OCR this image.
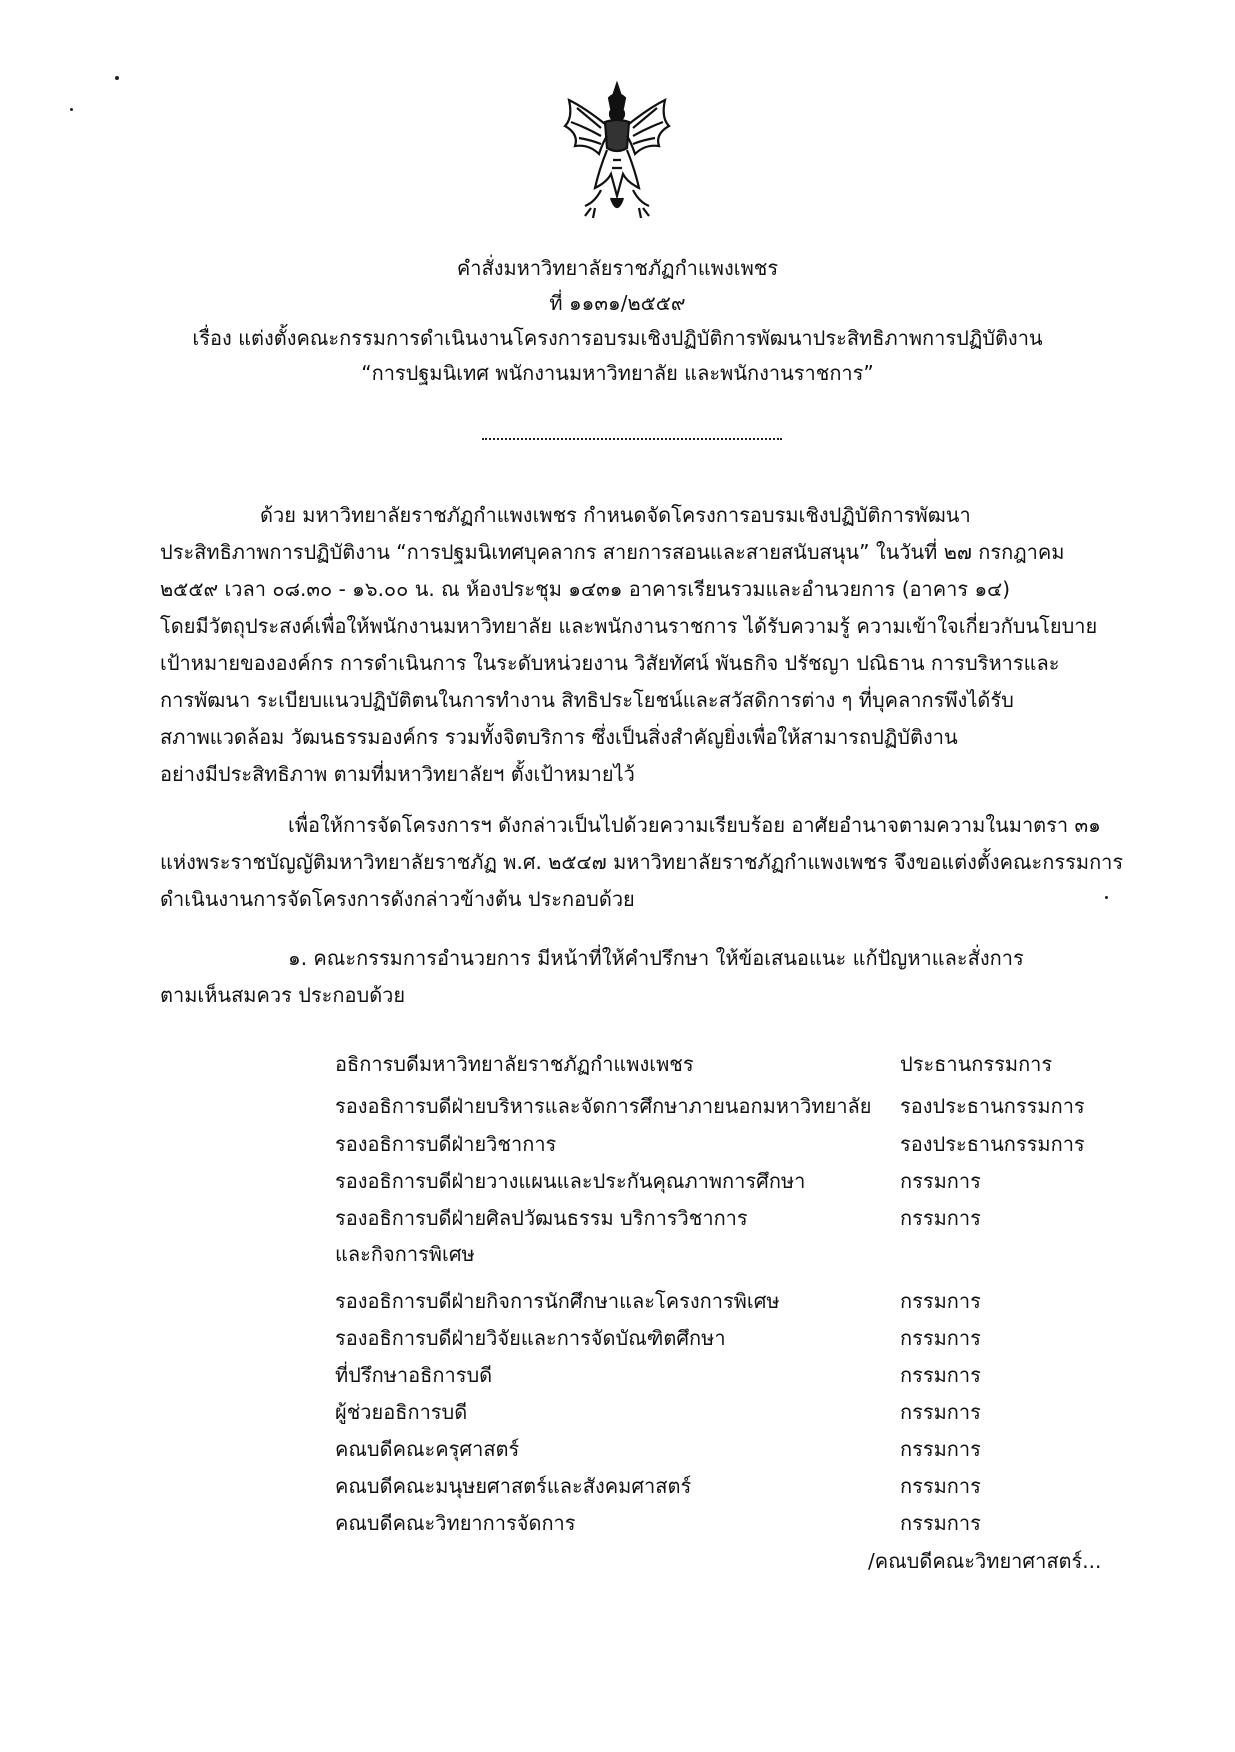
คำสั่งมหาวิทยาลัยราชภัฏกำแพงเพชร
ที่ ๑๑๓๑/๒๕๕๙
เรื่อง แต่งตั้งคณะกรรมการดำเนินงานโครงการอบรมเชิงปฏิบัติการพัฒนาประสิทธิภาพการปฏิบัติงาน
“การปฐมนิเทศ พนักงานมหาวิทยาลัย และพนักงานราชการ”
ด้วย มหาวิทยาลัยราชภัฏกำแพงเพชร กำหนดจัดโครงการอบรมเชิงปฏิบัติการพัฒนา
ประสิทธิภาพการปฏิบัติงาน “การปฐมนิเทศบุคลากร สายการสอนและสายสนับสนุน” ในวันที่ ๒๗ กรกฎาคม
๒๕๕๙ เวลา ๐๘.๓๐ - ๑๖.๐๐ น. ณ ห้องประชุม ๑๔๓๑ อาคารเรียนรวมและอำนวยการ (อาคาร ๑๔)
โดยมีวัตถุประสงค์เพื่อให้พนักงานมหาวิทยาลัย และพนักงานราชการ ได้รับความรู้ ความเข้าใจเกี่ยวกับนโยบาย
เป้าหมายขององค์กร การดำเนินการ ในระดับหน่วยงาน วิสัยทัศน์ พันธกิจ ปรัชญา ปณิธาน การบริหารและ
การพัฒนา ระเบียบแนวปฏิบัติตนในการทำงาน สิทธิประโยชน์และสวัสดิการต่าง ๆ ที่บุคลากรพึงได้รับ
สภาพแวดล้อม วัฒนธรรมองค์กร รวมทั้งจิตบริการ ซึ่งเป็นสิ่งสำคัญยิ่งเพื่อให้สามารถปฏิบัติงาน
อย่างมีประสิทธิภาพ ตามที่มหาวิทยาลัยฯ ตั้งเป้าหมายไว้
เพื่อให้การจัดโครงการฯ ดังกล่าวเป็นไปด้วยความเรียบร้อย อาศัยอำนาจตามความในมาตรา ๓๑
แห่งพระราชบัญญัติมหาวิทยาลัยราชภัฏ พ.ศ. ๒๕๔๗ มหาวิทยาลัยราชภัฏกำแพงเพชร จึงขอแต่งตั้งคณะกรรมการ
ดำเนินงานการจัดโครงการดังกล่าวข้างต้น ประกอบด้วย
๑. คณะกรรมการอำนวยการ มีหน้าที่ให้คำปรึกษา ให้ข้อเสนอแนะ แก้ปัญหาและสั่งการ
ตามเห็นสมควร ประกอบด้วย
อธิการบดีมหาวิทยาลัยราชภัฏกำแพงเพชร	ประธานกรรมการ
รองอธิการบดีฝ่ายบริหารและจัดการศึกษาภายนอกมหาวิทยาลัย รองประธานกรรมการ
รองอธิการบดีฝ่ายวิชาการ	รองประธานกรรมการ
รองอธิการบดีฝ่ายวางแผนและประกันคุณภาพการศึกษา	กรรมการ
รองอธิการบดีฝ่ายศิลปวัฒนธรรม บริการวิชาการ	กรรมการ
และกิจการพิเศษ
รองอธิการบดีฝ่ายกิจการนักศึกษาและโครงการพิเศษ	กรรมการ
รองอธิการบดีฝ่ายวิจัยและการจัดบัณฑิตศึกษา	กรรมการ
ที่ปรึกษาอธิการบดี	กรรมการ
ผู้ช่วยอธิการบดี	กรรมการ
คณบดีคณะครุศาสตร์	กรรมการ
คณบดีคณะมนุษยศาสตร์และสังคมศาสตร์	กรรมการ
คณบดีคณะวิทยาการจัดการ	กรรมการ
/คณบดีคณะวิทยาศาสตร์...
